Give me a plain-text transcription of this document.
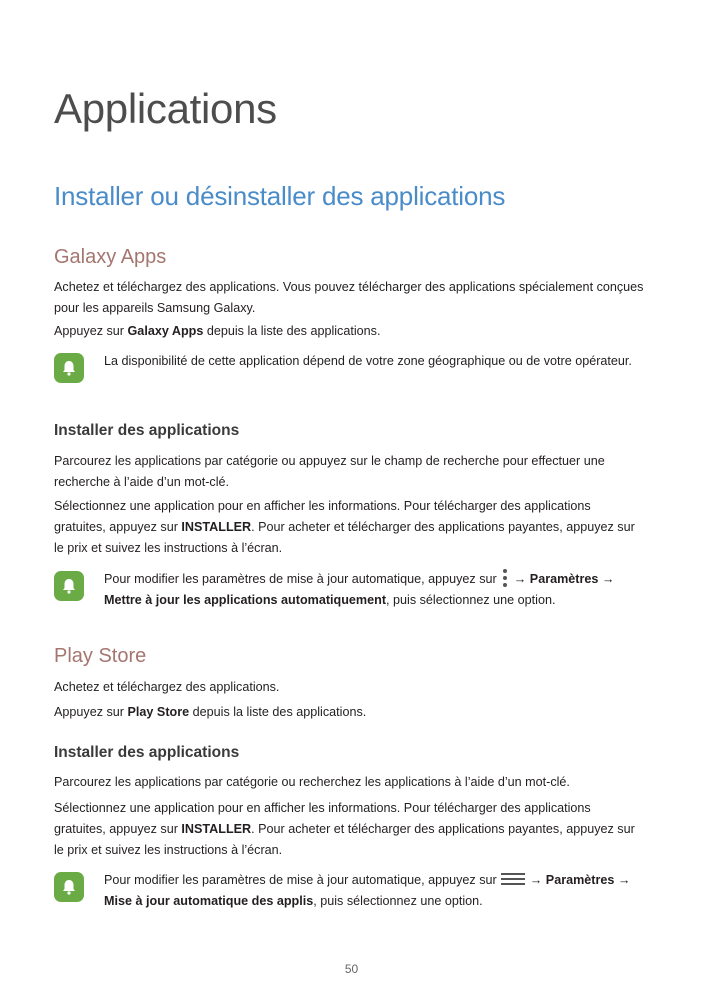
Applications
Installer ou désinstaller des applications
Galaxy Apps

Achetez et téléchargez des applications. Vous pouvez télécharger des applications spécialement conçues pour les appareils Samsung Galaxy.

Appuyez sur Galaxy Apps depuis la liste des applications.

La disponibilité de cette application dépend de votre zone géographique ou de votre opérateur.
Installer des applications

Parcourez les applications par catégorie ou appuyez sur le champ de recherche pour effectuer une recherche à l’aide d’un mot-clé.

Sélectionnez une application pour en afficher les informations. Pour télécharger des applications gratuites, appuyez sur INSTALLER. Pour acheter et télécharger des applications payantes, appuyez sur le prix et suivez les instructions à l’écran.

Pour modifier les paramètres de mise à jour automatique, appuyez sur
→ Paramètres → Mettre à jour les applications automatiquement, puis sélectionnez une option.
Play Store

Achetez et téléchargez des applications.

Appuyez sur Play Store depuis la liste des applications.

Installer des applications

Parcourez les applications par catégorie ou recherchez les applications à l’aide d’un mot-clé.

Sélectionnez une application pour en afficher les informations. Pour télécharger des applications gratuites, appuyez sur INSTALLER. Pour acheter et télécharger des applications payantes, appuyez sur le prix et suivez les instructions à l’écran.

Pour modifier les paramètres de mise à jour automatique, appuyez sur
→ Paramètres → Mise à jour automatique des applis, puis sélectionnez une option.
50
